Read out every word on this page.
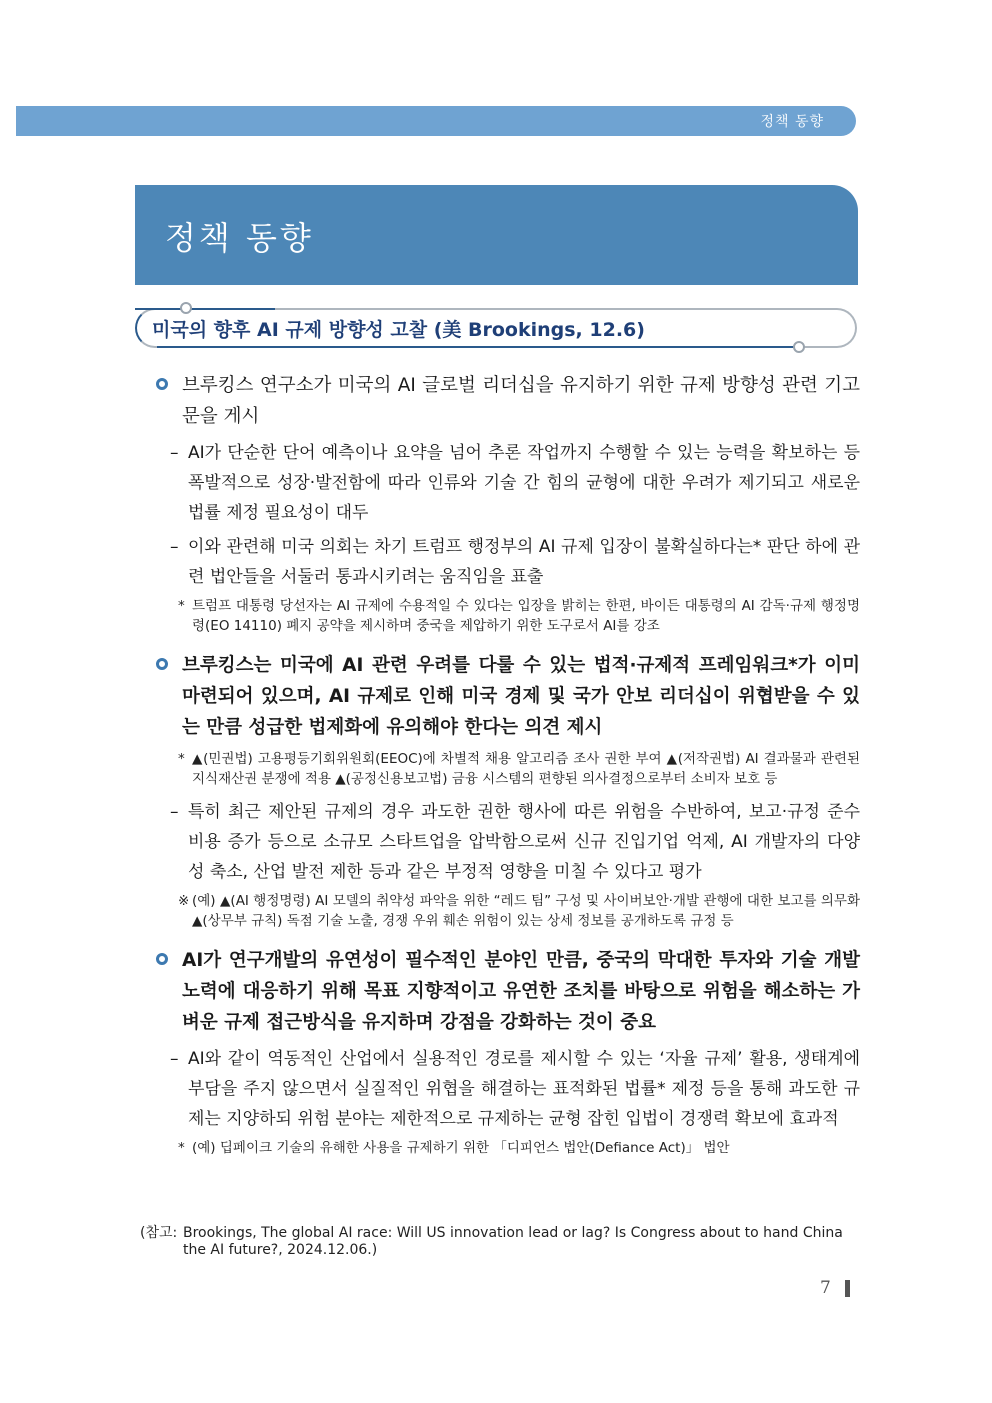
정책 동향
정책 동향
미국의 향후 AI 규제 방향성 고찰 (美 Brookings, 12.6)
브루킹스 연구소가 미국의 AI 글로벌 리더십을 유지하기 위한 규제 방향성 관련 기고문을 게시
– AI가 단순한 단어 예측이나 요약을 넘어 추론 작업까지 수행할 수 있는 능력을 확보하는 등 폭발적으로 성장·발전함에 따라 인류와 기술 간 힘의 균형에 대한 우려가 제기되고 새로운 법률 제정 필요성이 대두
– 이와 관련해 미국 의회는 차기 트럼프 행정부의 AI 규제 입장이 불확실하다는* 판단 하에 관련 법안들을 서둘러 통과시키려는 움직임을 표출
* 트럼프 대통령 당선자는 AI 규제에 수용적일 수 있다는 입장을 밝히는 한편, 바이든 대통령의 AI 감독·규제 행정명령(EO 14110) 폐지 공약을 제시하며 중국을 제압하기 위한 도구로서 AI를 강조
브루킹스는 미국에 AI 관련 우려를 다룰 수 있는 법적·규제적 프레임워크*가 이미 마련되어 있으며, AI 규제로 인해 미국 경제 및 국가 안보 리더십이 위협받을 수 있는 만큼 성급한 법제화에 유의해야 한다는 의견 제시
* ▲(민권법) 고용평등기회위원회(EEOC)에 차별적 채용 알고리즘 조사 권한 부여 ▲(저작권법) AI 결과물과 관련된 지식재산권 분쟁에 적용 ▲(공정신용보고법) 금융 시스템의 편향된 의사결정으로부터 소비자 보호 등
– 특히 최근 제안된 규제의 경우 과도한 권한 행사에 따른 위험을 수반하여, 보고·규정 준수 비용 증가 등으로 소규모 스타트업을 압박함으로써 신규 진입기업 억제, AI 개발자의 다양성 축소, 산업 발전 제한 등과 같은 부정적 영향을 미칠 수 있다고 평가
※ (예) ▲(AI 행정명령) AI 모델의 취약성 파악을 위한 “레드 팀” 구성 및 사이버보안·개발 관행에 대한 보고를 의무화 ▲(상무부 규칙) 독점 기술 노출, 경쟁 우위 훼손 위험이 있는 상세 정보를 공개하도록 규정 등
AI가 연구개발의 유연성이 필수적인 분야인 만큼, 중국의 막대한 투자와 기술 개발 노력에 대응하기 위해 목표 지향적이고 유연한 조치를 바탕으로 위험을 해소하는 가벼운 규제 접근방식을 유지하며 강점을 강화하는 것이 중요
– AI와 같이 역동적인 산업에서 실용적인 경로를 제시할 수 있는 ‘자율 규제’ 활용, 생태계에 부담을 주지 않으면서 실질적인 위협을 해결하는 표적화된 법률* 제정 등을 통해 과도한 규제는 지양하되 위험 분야는 제한적으로 규제하는 균형 잡힌 입법이 경쟁력 확보에 효과적
* (예) 딥페이크 기술의 유해한 사용을 규제하기 위한 「디피언스 법안(Defiance Act)」 법안
(참고: Brookings, The global AI race: Will US innovation lead or lag? Is Congress about to hand China the AI future?, 2024.12.06.)
7
